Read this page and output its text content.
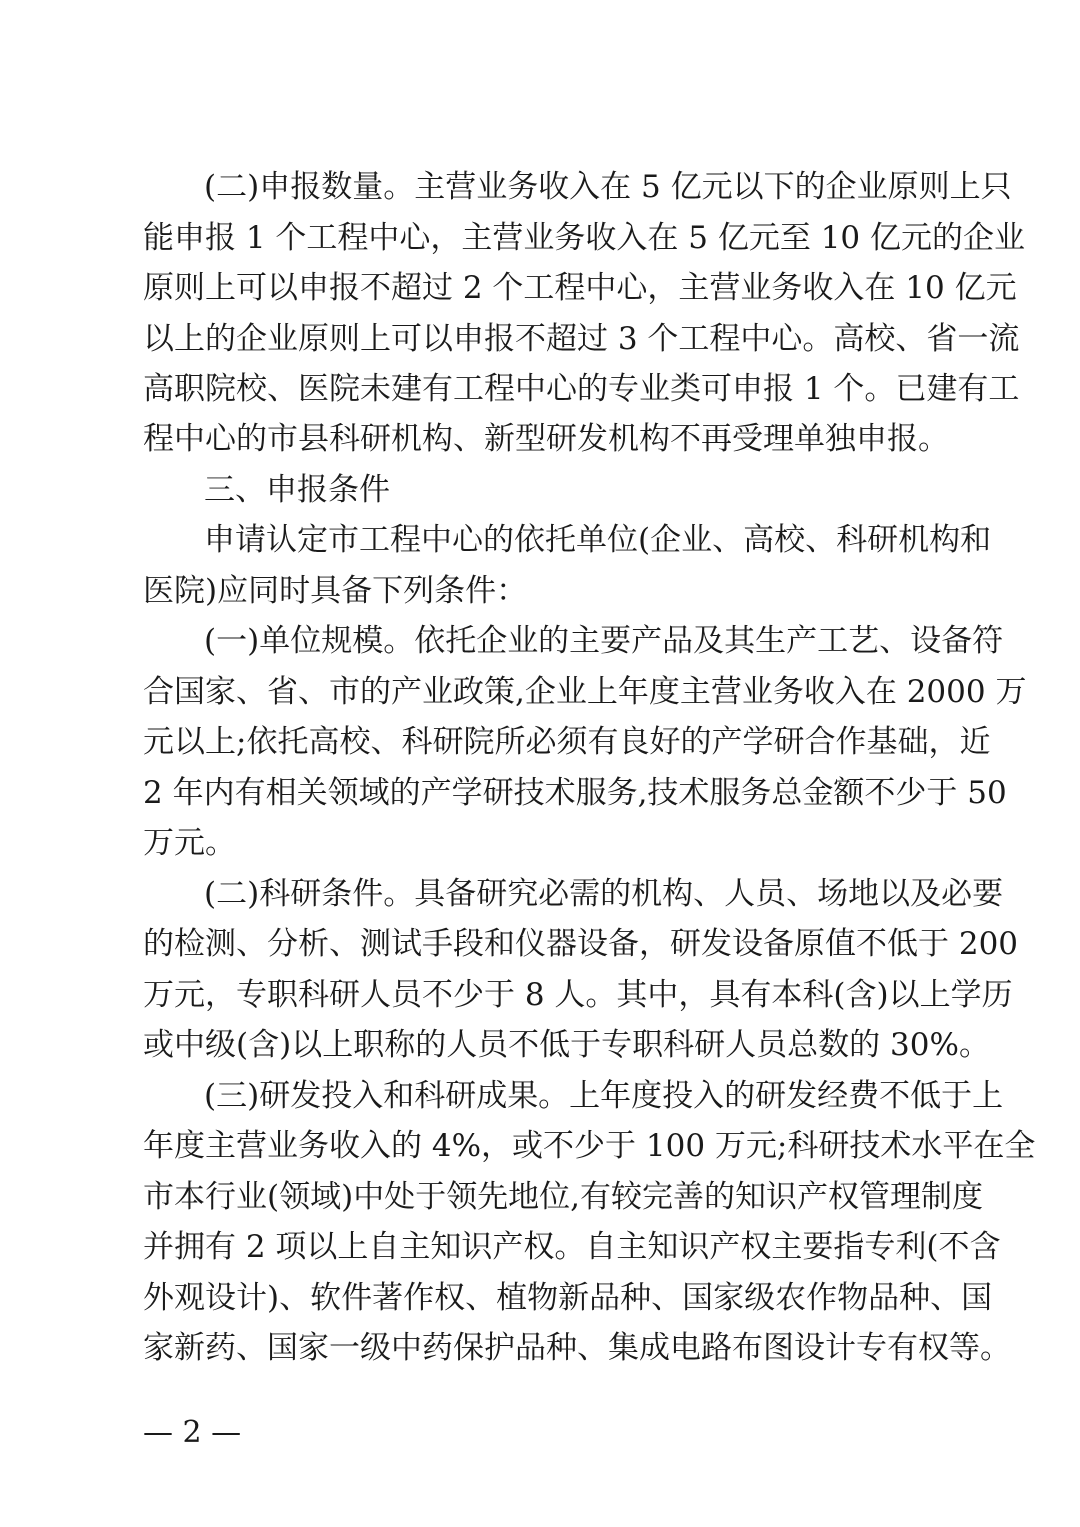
(二)申报数量。主营业务收入在 5 亿元以下的企业原则上只
能申报 1 个工程中心，主营业务收入在 5 亿元至 10 亿元的企业
原则上可以申报不超过 2 个工程中心，主营业务收入在 10 亿元
以上的企业原则上可以申报不超过 3 个工程中心。高校、省一流
高职院校、医院未建有工程中心的专业类可申报 1 个。已建有工
程中心的市县科研机构、新型研发机构不再受理单独申报。
三、申报条件
申请认定市工程中心的依托单位(企业、高校、科研机构和
医院)应同时具备下列条件：
(一)单位规模。依托企业的主要产品及其生产工艺、设备符
合国家、省、市的产业政策,企业上年度主营业务收入在 2000 万
元以上;依托高校、科研院所必须有良好的产学研合作基础，近
2 年内有相关领域的产学研技术服务,技术服务总金额不少于 50
万元。
(二)科研条件。具备研究必需的机构、人员、场地以及必要
的检测、分析、测试手段和仪器设备，研发设备原值不低于 200
万元，专职科研人员不少于 8 人。其中，具有本科(含)以上学历
或中级(含)以上职称的人员不低于专职科研人员总数的 30%。
(三)研发投入和科研成果。上年度投入的研发经费不低于上
年度主营业务收入的 4%，或不少于 100 万元;科研技术水平在全
市本行业(领域)中处于领先地位,有较完善的知识产权管理制度
并拥有 2 项以上自主知识产权。自主知识产权主要指专利(不含
外观设计)、软件著作权、植物新品种、国家级农作物品种、国
家新药、国家一级中药保护品种、集成电路布图设计专有权等。
— 2 —
